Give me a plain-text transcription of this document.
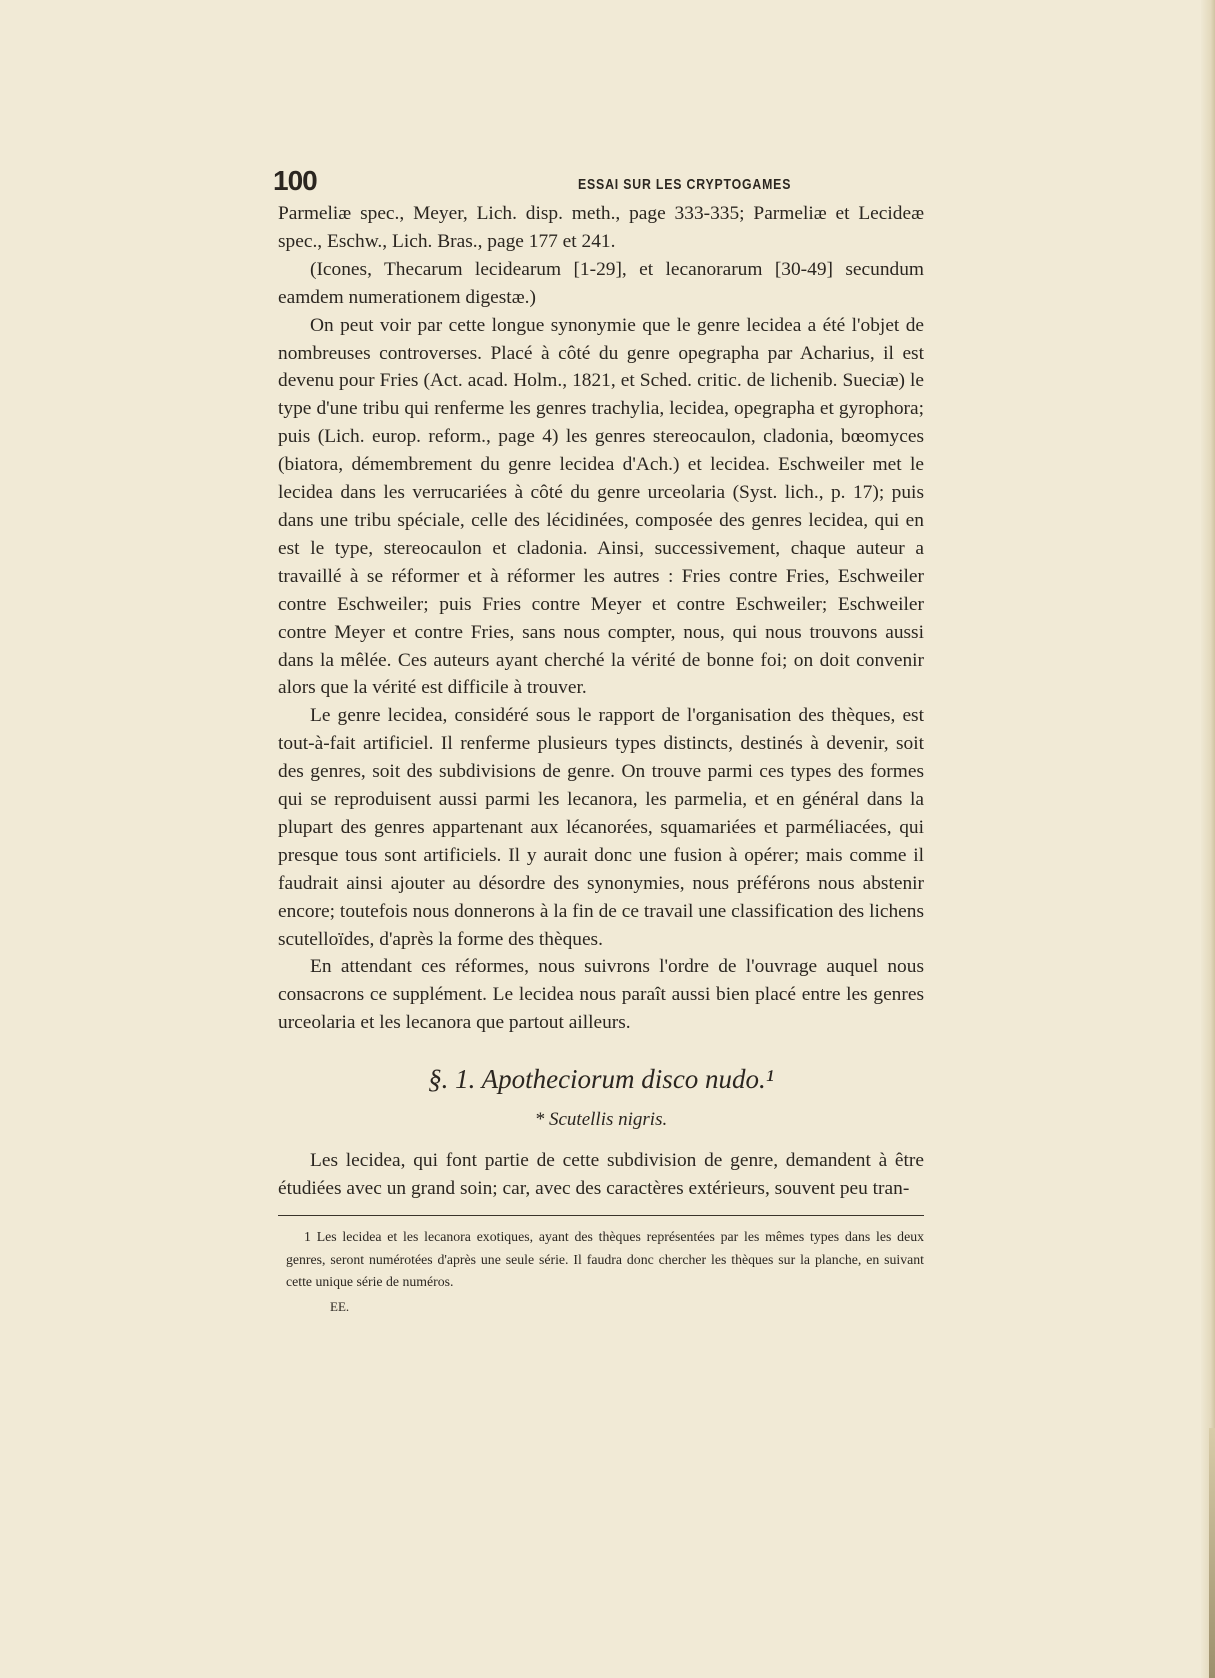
100	ESSAI SUR LES CRYPTOGAMES

Parmeliæ spec., Meyer, Lich. disp. meth., page 333-335; Parmeliæ et Lecideæ spec., Eschw., Lich. Bras., page 177 et 241.

(Icones, Thecarum lecidearum [1-29], et lecanorarum [30-49] secundum eamdem numerationem digestæ.)

On peut voir par cette longue synonymie que le genre lecidea a été l'objet de nombreuses controverses. Placé à côté du genre opegrapha par Acharius, il est devenu pour Fries (Act. acad. Holm., 1821, et Sched. critic. de lichenib. Sueciæ) le type d'une tribu qui renferme les genres trachylia, lecidea, opegrapha et gyrophora; puis (Lich. europ. reform., page 4) les genres stereocaulon, cladonia, bœomyces (biatora, démembrement du genre lecidea d'Ach.) et lecidea. Eschweiler met le lecidea dans les verrucariées à côté du genre urceolaria (Syst. lich., p. 17); puis dans une tribu spéciale, celle des lécidinées, composée des genres lecidea, qui en est le type, stereocaulon et cladonia. Ainsi, successivement, chaque auteur a travaillé à se réformer et à réformer les autres : Fries contre Fries, Eschweiler contre Eschweiler; puis Fries contre Meyer et contre Eschweiler; Eschweiler contre Meyer et contre Fries, sans nous compter, nous, qui nous trouvons aussi dans la mêlée. Ces auteurs ayant cherché la vérité de bonne foi; on doit convenir alors que la vérité est difficile à trouver.

Le genre lecidea, considéré sous le rapport de l'organisation des thèques, est tout-à-fait artificiel. Il renferme plusieurs types distincts, destinés à devenir, soit des genres, soit des subdivisions de genre. On trouve parmi ces types des formes qui se reproduisent aussi parmi les lecanora, les parmelia, et en général dans la plupart des genres appartenant aux lécanorées, squamariées et parméliacées, qui presque tous sont artificiels. Il y aurait donc une fusion à opérer; mais comme il faudrait ainsi ajouter au désordre des synonymies, nous préférons nous abstenir encore; toutefois nous donnerons à la fin de ce travail une classification des lichens scutelloïdes, d'après la forme des thèques.

En attendant ces réformes, nous suivrons l'ordre de l'ouvrage auquel nous consacrons ce supplément. Le lecidea nous paraît aussi bien placé entre les genres urceolaria et les lecanora que partout ailleurs.

§. 1. Apotheciorum disco nudo.¹
* Scutellis nigris.

Les lecidea, qui font partie de cette subdivision de genre, demandent à être étudiées avec un grand soin; car, avec des caractères extérieurs, souvent peu tran-

1 Les lecidea et les lecanora exotiques, ayant des thèques représentées par les mêmes types dans les deux genres, seront numérotées d'après une seule série. Il faudra donc chercher les thèques sur la planche, en suivant cette unique série de numéros.

EE.
